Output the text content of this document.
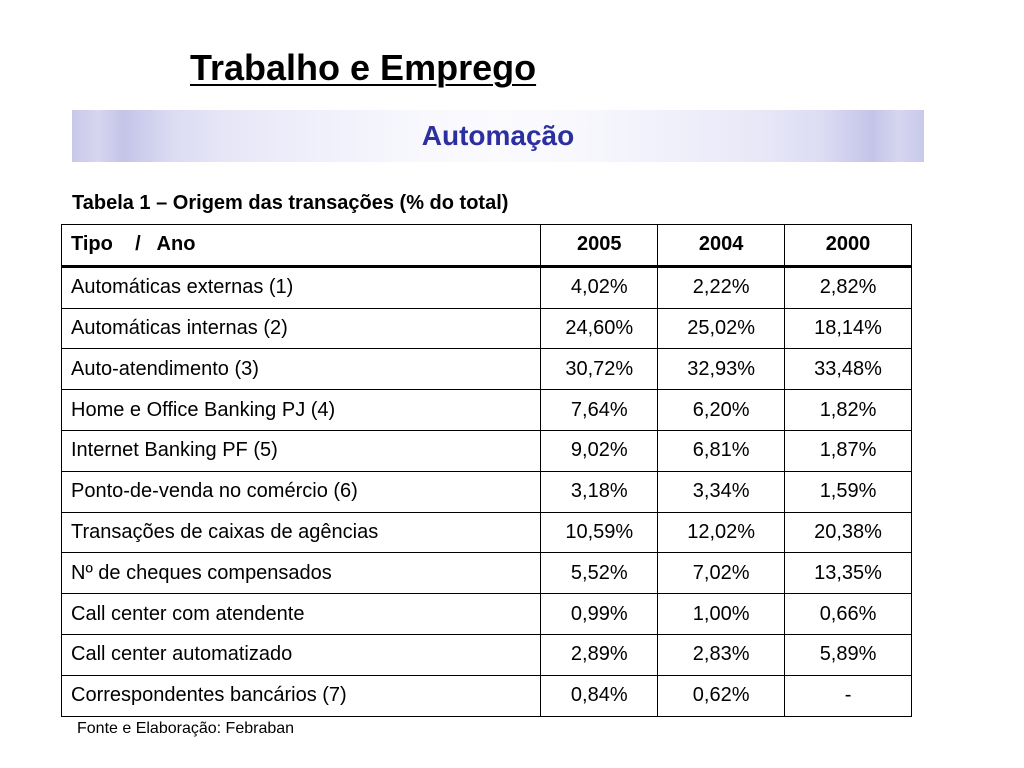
Trabalho e Emprego
Automação
Tabela 1 – Origem das transações (% do total)
Tipo    /   Ano	2005	2004	2000
Automáticas externas (1)	4,02%	2,22%	2,82%
Automáticas internas (2)	24,60%	25,02%	18,14%
Auto-atendimento (3)	30,72%	32,93%	33,48%
Home e Office Banking PJ (4)	7,64%	6,20%	1,82%
Internet Banking PF (5)	9,02%	6,81%	1,87%
Ponto-de-venda no comércio (6)	3,18%	3,34%	1,59%
Transações de caixas de agências	10,59%	12,02%	20,38%
Nº de cheques compensados	5,52%	7,02%	13,35%
Call center com atendente	0,99%	1,00%	0,66%
Call center automatizado	2,89%	2,83%	5,89%
Correspondentes bancários (7)	0,84%	0,62%	-
Fonte e Elaboração: Febraban
